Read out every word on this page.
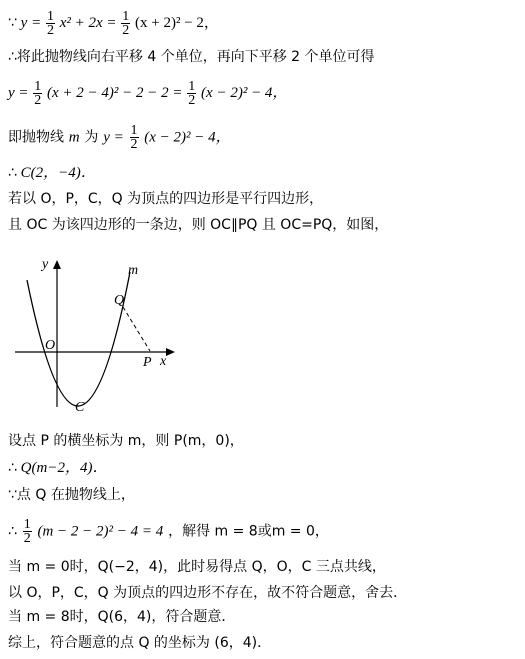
∵ $y = \frac{1}{2} x^2 + 2x = \frac{1}{2} (x + 2)^2 - 2$，
∴将此抛物线向右平移 4 个单位，再向下平移 2 个单位可得
$y = \frac{1}{2} (x + 2 - 4)^2 - 2 - 2 = \frac{1}{2} (x - 2)^2 - 4$，
即抛物线 m 为 $y = \frac{1}{2} (x - 2)^2 - 4$，
∴ C(2，−4)．
若以 O，P，C，Q 为顶点的四边形是平行四边形，
且 OC 为该四边形的一条边，则 OC∥PQ 且 OC=PQ，如图，
y
x
m
O
Q
P
C
设点 P 的横坐标为 m，则 P(m，0)，
∴ Q(m−2，4)．
∵点 Q 在抛物线上，
∴ $\frac{1}{2} (m - 2 - 2)^2 - 4 = 4$ ，解得 m = 8或m = 0，
当 m = 0时，Q(−2，4)，此时易得点 Q，O，C 三点共线，
以 O，P，C，Q 为顶点的四边形不存在，故不符合题意，舍去．
当 m = 8时，Q(6，4)，符合题意．
综上，符合题意的点 Q 的坐标为 (6，4)．
